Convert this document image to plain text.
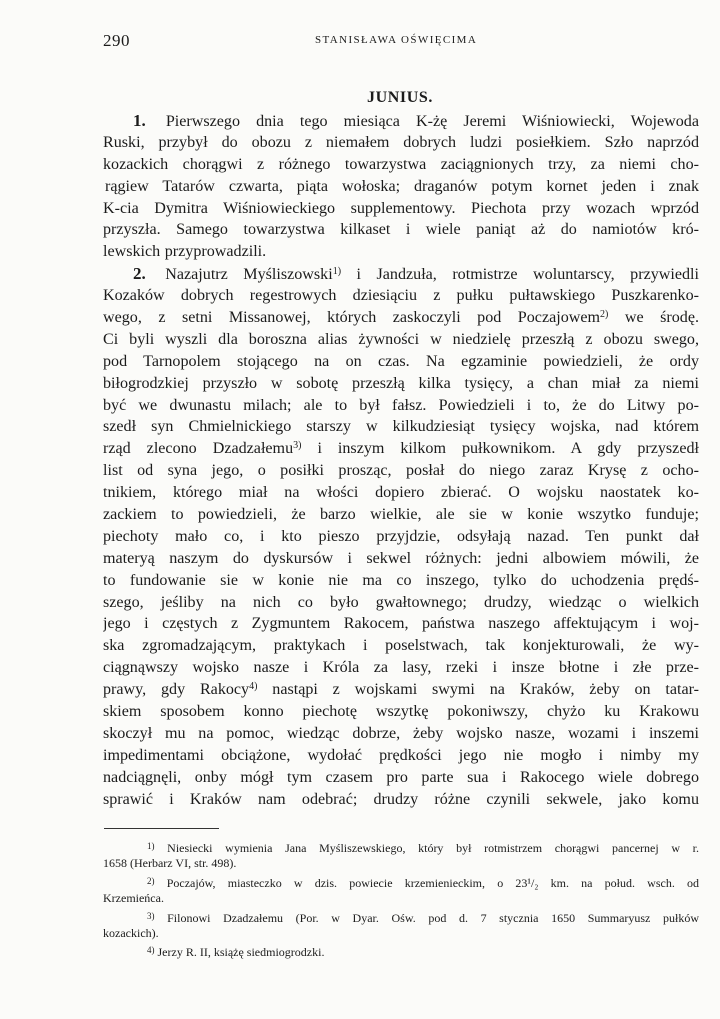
290	STANISŁAWA OŚWIĘCIMA
JUNIUS.
1. Pierwszego dnia tego miesiąca K-żę Jeremi Wiśniowiecki, Wojewoda
Ruski, przybył do obozu z niemałem dobrych ludzi posiełkiem. Szło naprzód
kozackich chorągwi z różnego towarzystwa zaciągnionych trzy, za niemi cho-
rągiew Tatarów czwarta, piąta wołoska; draganów potym kornet jeden i znak
K-cia Dymitra Wiśniowieckiego supplementowy. Piechota przy wozach wprzód
przyszła. Samego towarzystwa kilkaset i wiele paniąt aż do namiotów kró-
lewskich przyprowadzili.
2. Nazajutrz Myśliszowski$^{1)}$ i Jandzuła, rotmistrze woluntarscy, przywiedli
Kozaków dobrych regestrowych dziesiąciu z pułku pułtawskiego Puszkarenko-
wego, z setni Missanowej, których zaskoczyli pod Poczajowem$^{2)}$ we środę.
Ci byli wyszli dla boroszna alias żywności w niedzielę przeszłą z obozu swego,
pod Tarnopolem stojącego na on czas. Na egzaminie powiedzieli, że ordy
biłogrodzkiej przyszło w sobotę przeszłą kilka tysięcy, a chan miał za niemi
być we dwunastu milach; ale to był fałsz. Powiedzieli i to, że do Litwy po-
szedł syn Chmielnickiego starszy w kilkudziesiąt tysięcy wojska, nad którem
rząd zlecono Dzadzałemu$^{3)}$ i inszym kilkom pułkownikom. A gdy przyszedł
list od syna jego, o posiłki prosząc, posłał do niego zaraz Krysę z ocho-
tnikiem, którego miał na włości dopiero zbierać. O wojsku naostatek ko-
zackiem to powiedzieli, że barzo wielkie, ale sie w konie wszytko funduje;
piechoty mało co, i kto pieszo przyjdzie, odsyłają nazad. Ten punkt dał
materyą naszym do dyskursów i sekwel różnych: jedni albowiem mówili, że
to fundowanie sie w konie nie ma co inszego, tylko do uchodzenia prędś-
szego, jeśliby na nich co było gwałtownego; drudzy, wiedząc o wielkich
jego i częstych z Zygmuntem Rakocem, państwa naszego affektującym i woj-
ska zgromadzającym, praktykach i poselstwach, tak konjekturowali, że wy-
ciągnąwszy wojsko nasze i Króla za lasy, rzeki i insze błotne i złe prze-
prawy, gdy Rakocy$^{4)}$ nastąpi z wojskami swymi na Kraków, żeby on tatar-
skiem sposobem konno piechotę wszytkę pokoniwszy, chyżo ku Krakowu
skoczył mu na pomoc, wiedząc dobrze, żeby wojsko nasze, wozami i inszemi
impedimentami obciążone, wydołać prędkości jego nie mogło i nimby my
nadciągnęli, onby mógł tym czasem pro parte sua i Rakocego wiele dobrego
sprawić i Kraków nam odebrać; drudzy różne czynili sekwele, jako komu
$^{1)}$ Niesiecki wymienia Jana Myśliszewskiego, który był rotmistrzem chorągwi pancernej w r.
1658 (Herbarz VI, str. 498).
$^{2)}$ Poczajów, miasteczko w dzis. powiecie krzemienieckim, o 23¹/₂ km. na połud. wsch. od
Krzemieńca.
$^{3)}$ Filonowi Dzadzałemu (Por. w Dyar. Ośw. pod d. 7 stycznia 1650 Summaryusz pułków
kozackich).
$^{4)}$ Jerzy R. II, książę siedmiogrodzki.
